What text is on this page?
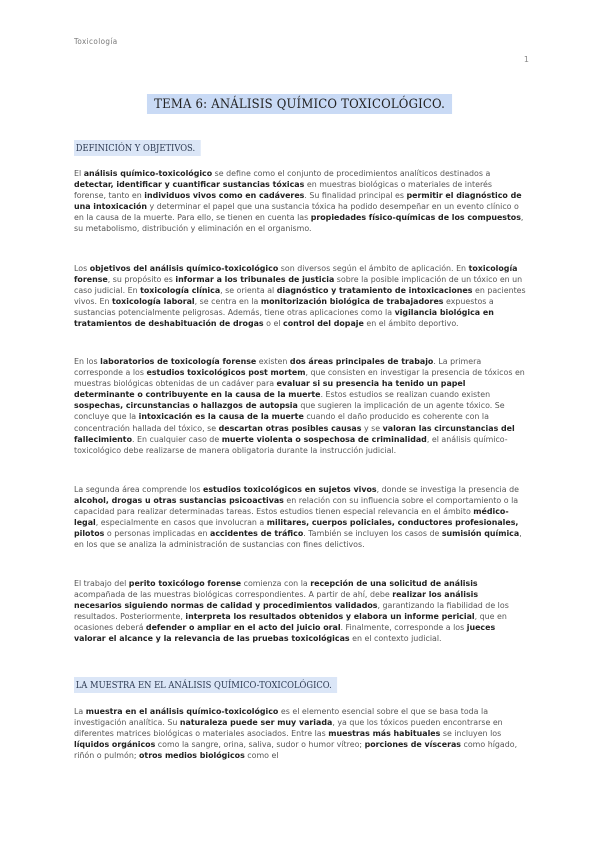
Toxicología
1
TEMA 6: ANÁLISIS QUÍMICO TOXICOLÓGICO.
DEFINICIÓN Y OBJETIVOS.

El análisis químico-toxicológico se define como el conjunto de procedimientos analíticos destinados a detectar, identificar y cuantificar sustancias tóxicas en muestras biológicas o materiales de interés forense, tanto en individuos vivos como en cadáveres. Su finalidad principal es permitir el diagnóstico de una intoxicación y determinar el papel que una sustancia tóxica ha podido desempeñar en un evento clínico o en la causa de la muerte. Para ello, se tienen en cuenta las propiedades físico-químicas de los compuestos, su metabolismo, distribución y eliminación en el organismo.

Los objetivos del análisis químico-toxicológico son diversos según el ámbito de aplicación. En toxicología forense, su propósito es informar a los tribunales de justicia sobre la posible implicación de un tóxico en un caso judicial. En toxicología clínica, se orienta al diagnóstico y tratamiento de intoxicaciones en pacientes vivos. En toxicología laboral, se centra en la monitorización biológica de trabajadores expuestos a sustancias potencialmente peligrosas. Además, tiene otras aplicaciones como la vigilancia biológica en tratamientos de deshabituación de drogas o el control del dopaje en el ámbito deportivo.

En los laboratorios de toxicología forense existen dos áreas principales de trabajo. La primera corresponde a los estudios toxicológicos post mortem, que consisten en investigar la presencia de tóxicos en muestras biológicas obtenidas de un cadáver para evaluar si su presencia ha tenido un papel determinante o contribuyente en la causa de la muerte. Estos estudios se realizan cuando existen sospechas, circunstancias o hallazgos de autopsia que sugieren la implicación de un agente tóxico. Se concluye que la intoxicación es la causa de la muerte cuando el daño producido es coherente con la concentración hallada del tóxico, se descartan otras posibles causas y se valoran las circunstancias del fallecimiento. En cualquier caso de muerte violenta o sospechosa de criminalidad, el análisis químico-toxicológico debe realizarse de manera obligatoria durante la instrucción judicial.

La segunda área comprende los estudios toxicológicos en sujetos vivos, donde se investiga la presencia de alcohol, drogas u otras sustancias psicoactivas en relación con su influencia sobre el comportamiento o la capacidad para realizar determinadas tareas. Estos estudios tienen especial relevancia en el ámbito médico-legal, especialmente en casos que involucran a militares, cuerpos policiales, conductores profesionales, pilotos o personas implicadas en accidentes de tráfico. También se incluyen los casos de sumisión química, en los que se analiza la administración de sustancias con fines delictivos.

El trabajo del perito toxicólogo forense comienza con la recepción de una solicitud de análisis acompañada de las muestras biológicas correspondientes. A partir de ahí, debe realizar los análisis necesarios siguiendo normas de calidad y procedimientos validados, garantizando la fiabilidad de los resultados. Posteriormente, interpreta los resultados obtenidos y elabora un informe pericial, que en ocasiones deberá defender o ampliar en el acto del juicio oral. Finalmente, corresponde a los jueces valorar el alcance y la relevancia de las pruebas toxicológicas en el contexto judicial.

LA MUESTRA EN EL ANÁLISIS QUÍMICO-TOXICOLÓGICO.

La muestra en el análisis químico-toxicológico es el elemento esencial sobre el que se basa toda la investigación analítica. Su naturaleza puede ser muy variada, ya que los tóxicos pueden encontrarse en diferentes matrices biológicas o materiales asociados. Entre las muestras más habituales se incluyen los líquidos orgánicos como la sangre, orina, saliva, sudor o humor vítreo; porciones de vísceras como hígado, riñón o pulmón; otros medios biológicos como el
